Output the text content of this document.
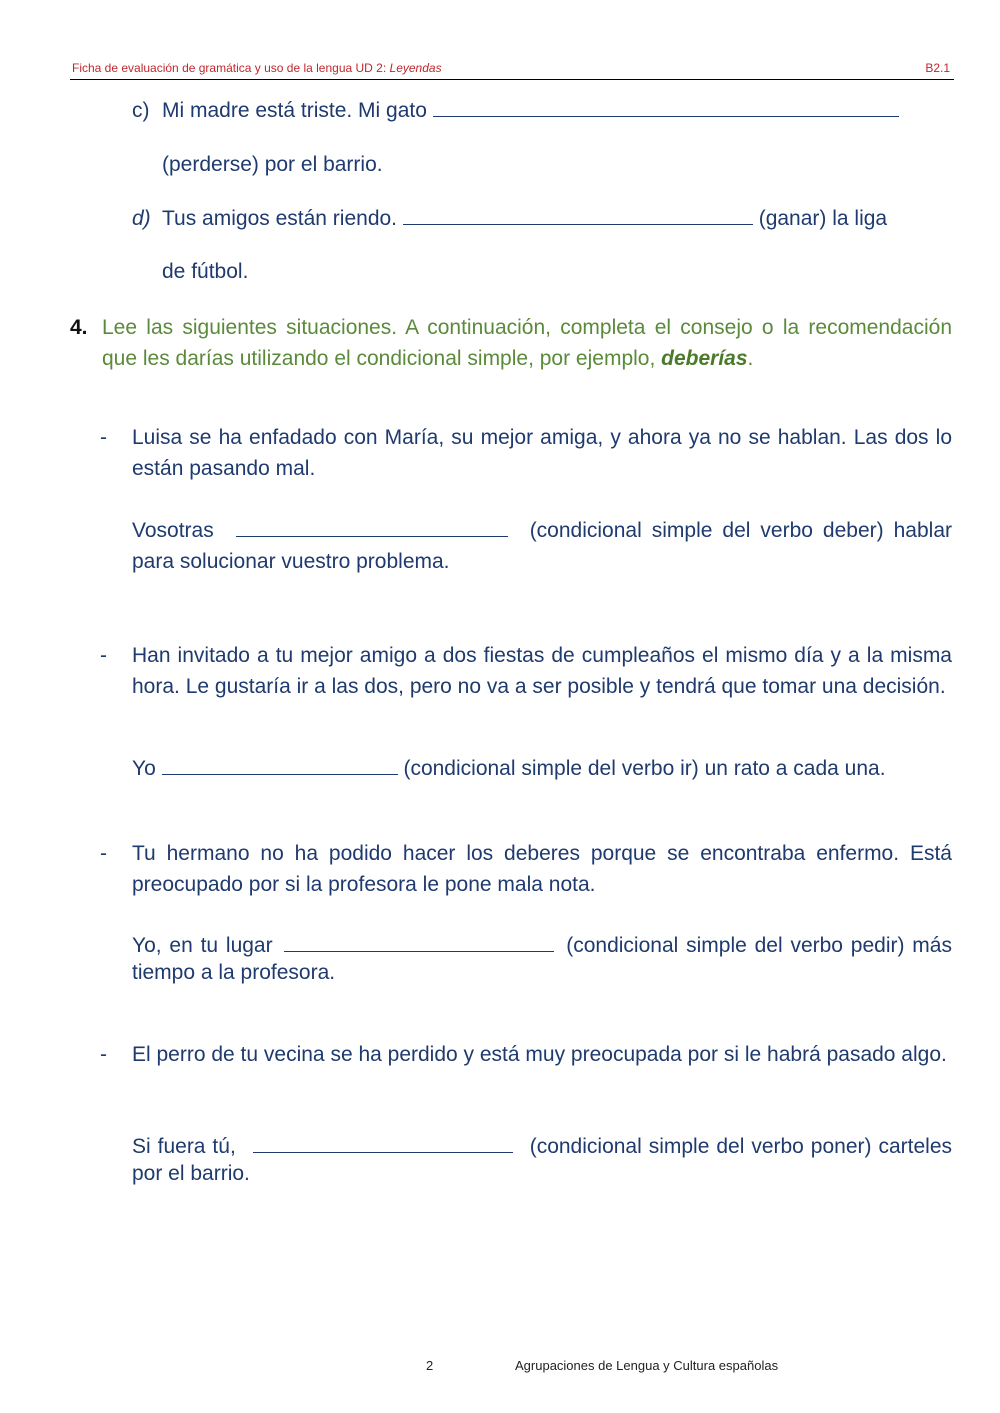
Ficha de evaluación de gramática y uso de la lengua UD 2: Leyendas	B2.1
c) Mi madre está triste. Mi gato
(perderse) por el barrio.
d) Tus amigos están riendo.	(ganar) la liga
de fútbol.
4. Lee las siguientes situaciones. A continuación, completa el consejo o la recomendación que les darías utilizando el condicional simple, por ejemplo, deberías.
- Luisa se ha enfadado con María, su mejor amiga, y ahora ya no se hablan. Las dos lo están pasando mal.
Vosotras	(condicional simple del verbo deber) hablar para solucionar vuestro problema.
- Han invitado a tu mejor amigo a dos fiestas de cumpleaños el mismo día y a la misma hora. Le gustaría ir a las dos, pero no va a ser posible y tendrá que tomar una decisión.
Yo	(condicional simple del verbo ir) un rato a cada una.
- Tu hermano no ha podido hacer los deberes porque se encontraba enfermo. Está preocupado por si la profesora le pone mala nota.
Yo, en tu lugar	(condicional simple del verbo pedir) más tiempo a la profesora.
- El perro de tu vecina se ha perdido y está muy preocupada por si le habrá pasado algo.
Si fuera tú,	(condicional simple del verbo poner) carteles por el barrio.
2	Agrupaciones de Lengua y Cultura españolas
